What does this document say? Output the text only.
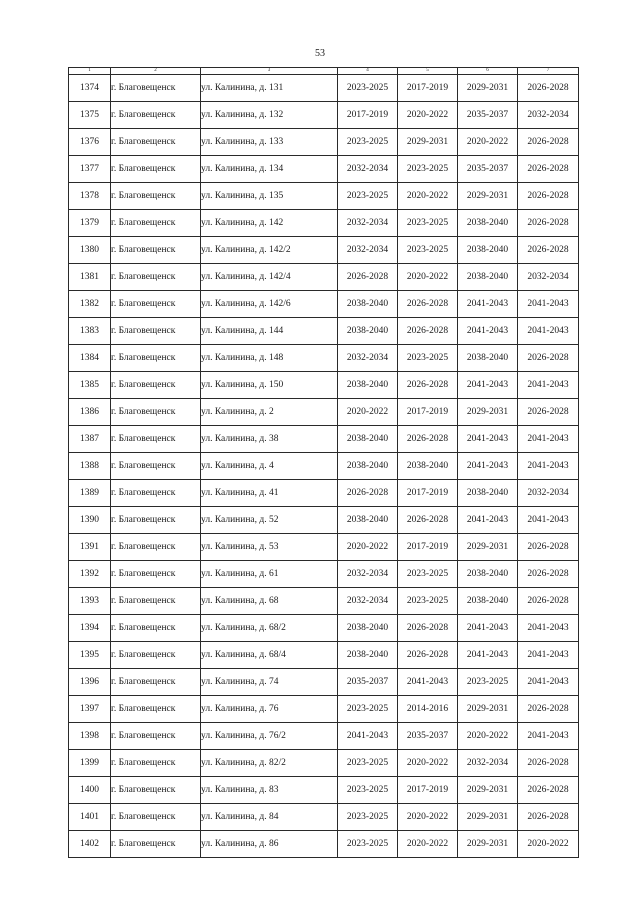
53
1	2	3	4	5	6	7
1374	г. Благовещенск	ул. Калинина, д. 131	2023-2025	2017-2019	2029-2031	2026-2028
1375	г. Благовещенск	ул. Калинина, д. 132	2017-2019	2020-2022	2035-2037	2032-2034
1376	г. Благовещенск	ул. Калинина, д. 133	2023-2025	2029-2031	2020-2022	2026-2028
1377	г. Благовещенск	ул. Калинина, д. 134	2032-2034	2023-2025	2035-2037	2026-2028
1378	г. Благовещенск	ул. Калинина, д. 135	2023-2025	2020-2022	2029-2031	2026-2028
1379	г. Благовещенск	ул. Калинина, д. 142	2032-2034	2023-2025	2038-2040	2026-2028
1380	г. Благовещенск	ул. Калинина, д. 142/2	2032-2034	2023-2025	2038-2040	2026-2028
1381	г. Благовещенск	ул. Калинина, д. 142/4	2026-2028	2020-2022	2038-2040	2032-2034
1382	г. Благовещенск	ул. Калинина, д. 142/6	2038-2040	2026-2028	2041-2043	2041-2043
1383	г. Благовещенск	ул. Калинина, д. 144	2038-2040	2026-2028	2041-2043	2041-2043
1384	г. Благовещенск	ул. Калинина, д. 148	2032-2034	2023-2025	2038-2040	2026-2028
1385	г. Благовещенск	ул. Калинина, д. 150	2038-2040	2026-2028	2041-2043	2041-2043
1386	г. Благовещенск	ул. Калинина, д. 2	2020-2022	2017-2019	2029-2031	2026-2028
1387	г. Благовещенск	ул. Калинина, д. 38	2038-2040	2026-2028	2041-2043	2041-2043
1388	г. Благовещенск	ул. Калинина, д. 4	2038-2040	2038-2040	2041-2043	2041-2043
1389	г. Благовещенск	ул. Калинина, д. 41	2026-2028	2017-2019	2038-2040	2032-2034
1390	г. Благовещенск	ул. Калинина, д. 52	2038-2040	2026-2028	2041-2043	2041-2043
1391	г. Благовещенск	ул. Калинина, д. 53	2020-2022	2017-2019	2029-2031	2026-2028
1392	г. Благовещенск	ул. Калинина, д. 61	2032-2034	2023-2025	2038-2040	2026-2028
1393	г. Благовещенск	ул. Калинина, д. 68	2032-2034	2023-2025	2038-2040	2026-2028
1394	г. Благовещенск	ул. Калинина, д. 68/2	2038-2040	2026-2028	2041-2043	2041-2043
1395	г. Благовещенск	ул. Калинина, д. 68/4	2038-2040	2026-2028	2041-2043	2041-2043
1396	г. Благовещенск	ул. Калинина, д. 74	2035-2037	2041-2043	2023-2025	2041-2043
1397	г. Благовещенск	ул. Калинина, д. 76	2023-2025	2014-2016	2029-2031	2026-2028
1398	г. Благовещенск	ул. Калинина, д. 76/2	2041-2043	2035-2037	2020-2022	2041-2043
1399	г. Благовещенск	ул. Калинина, д. 82/2	2023-2025	2020-2022	2032-2034	2026-2028
1400	г. Благовещенск	ул. Калинина, д. 83	2023-2025	2017-2019	2029-2031	2026-2028
1401	г. Благовещенск	ул. Калинина, д. 84	2023-2025	2020-2022	2029-2031	2026-2028
1402	г. Благовещенск	ул. Калинина, д. 86	2023-2025	2020-2022	2029-2031	2020-2022
